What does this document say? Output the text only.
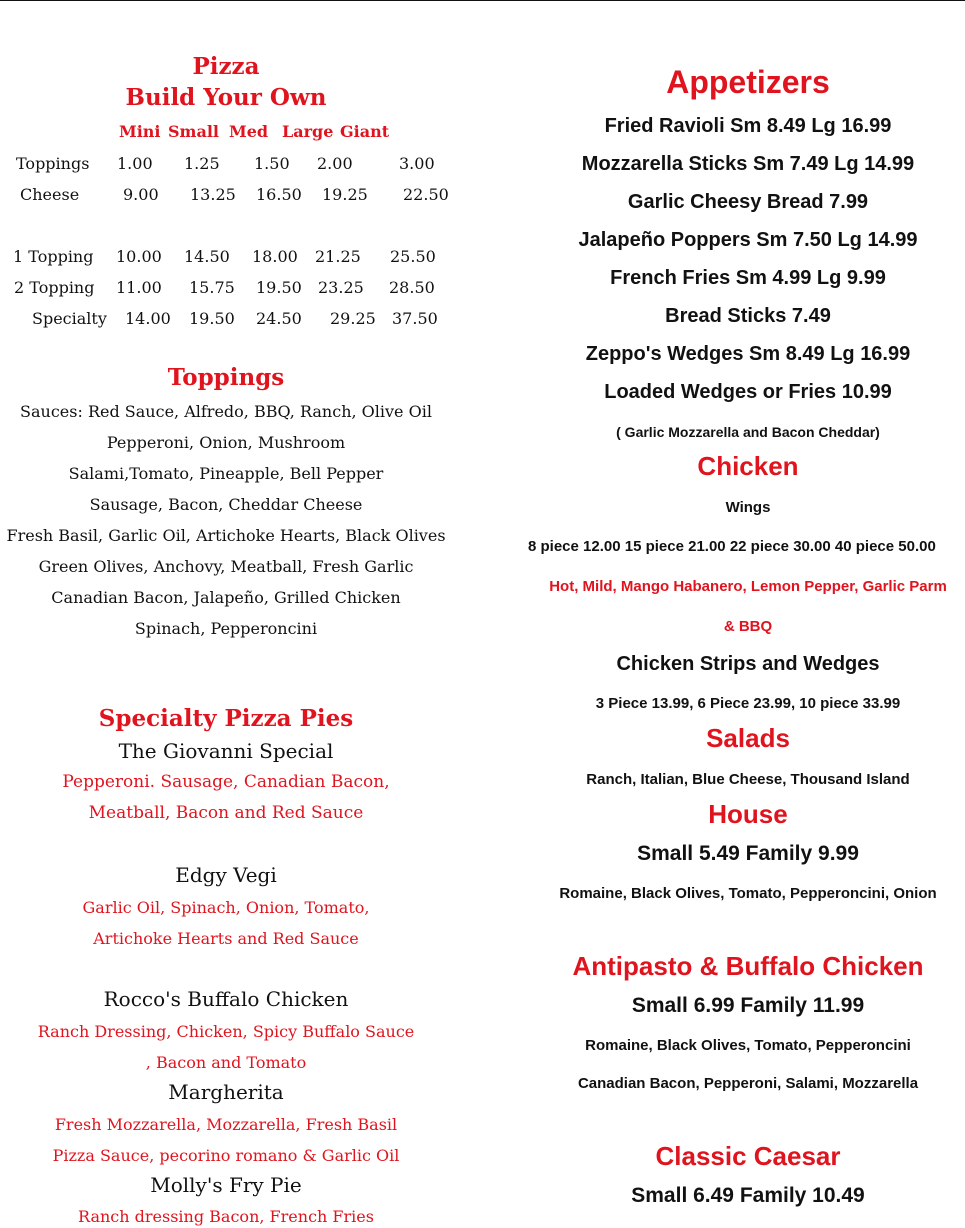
Pizza
Build Your Own
Mini Small Med Large Giant
Toppings 1.00 1.25 1.50 2.00	3.00
Cheese	9.00 13.25 16.50 19.25 22.50
1 Topping 10.00 14.50 18.00 21.25 25.50
2 Topping 11.00 15.75 19.50 23.25 28.50
Specialty 14.00 19.50 24.50 29.25 37.50
Toppings
Sauces: Red Sauce, Alfredo, BBQ, Ranch, Olive Oil
Pepperoni, Onion, Mushroom
Salami,Tomato, Pineapple, Bell Pepper
Sausage, Bacon, Cheddar Cheese
Fresh Basil, Garlic Oil, Artichoke Hearts, Black Olives
Green Olives, Anchovy, Meatball, Fresh Garlic
Canadian Bacon, Jalapeño, Grilled Chicken
Spinach, Pepperoncini
Specialty Pizza Pies
The Giovanni Special
Pepperoni. Sausage, Canadian Bacon,
Meatball, Bacon and Red Sauce
Edgy Vegi
Garlic Oil, Spinach, Onion, Tomato,
Artichoke Hearts and Red Sauce
Rocco's Buffalo Chicken
Ranch Dressing, Chicken, Spicy Buffalo Sauce
, Bacon and Tomato
Margherita
Fresh Mozzarella, Mozzarella, Fresh Basil
Pizza Sauce, pecorino romano & Garlic Oil
Molly's Fry Pie
Ranch dressing Bacon, French Fries
Appetizers
Fried Ravioli Sm 8.49 Lg 16.99
Mozzarella Sticks Sm 7.49 Lg 14.99
Garlic Cheesy Bread 7.99
Jalapeño Poppers Sm 7.50 Lg 14.99
French Fries Sm 4.99 Lg 9.99
Bread Sticks 7.49
Zeppo's Wedges Sm 8.49 Lg 16.99
Loaded Wedges or Fries 10.99
( Garlic Mozzarella and Bacon Cheddar)
Chicken
Wings
8 piece 12.00 15 piece 21.00 22 piece 30.00 40 piece 50.00
Hot, Mild, Mango Habanero, Lemon Pepper, Garlic Parm
& BBQ
Chicken Strips and Wedges
3 Piece 13.99, 6 Piece 23.99, 10 piece 33.99
Salads
Ranch, Italian, Blue Cheese, Thousand Island
House
Small 5.49 Family 9.99
Romaine, Black Olives, Tomato, Pepperoncini, Onion
Antipasto & Buffalo Chicken
Small 6.99 Family 11.99
Romaine, Black Olives, Tomato, Pepperoncini
Canadian Bacon, Pepperoni, Salami, Mozzarella
Classic Caesar
Small 6.49 Family 10.49
